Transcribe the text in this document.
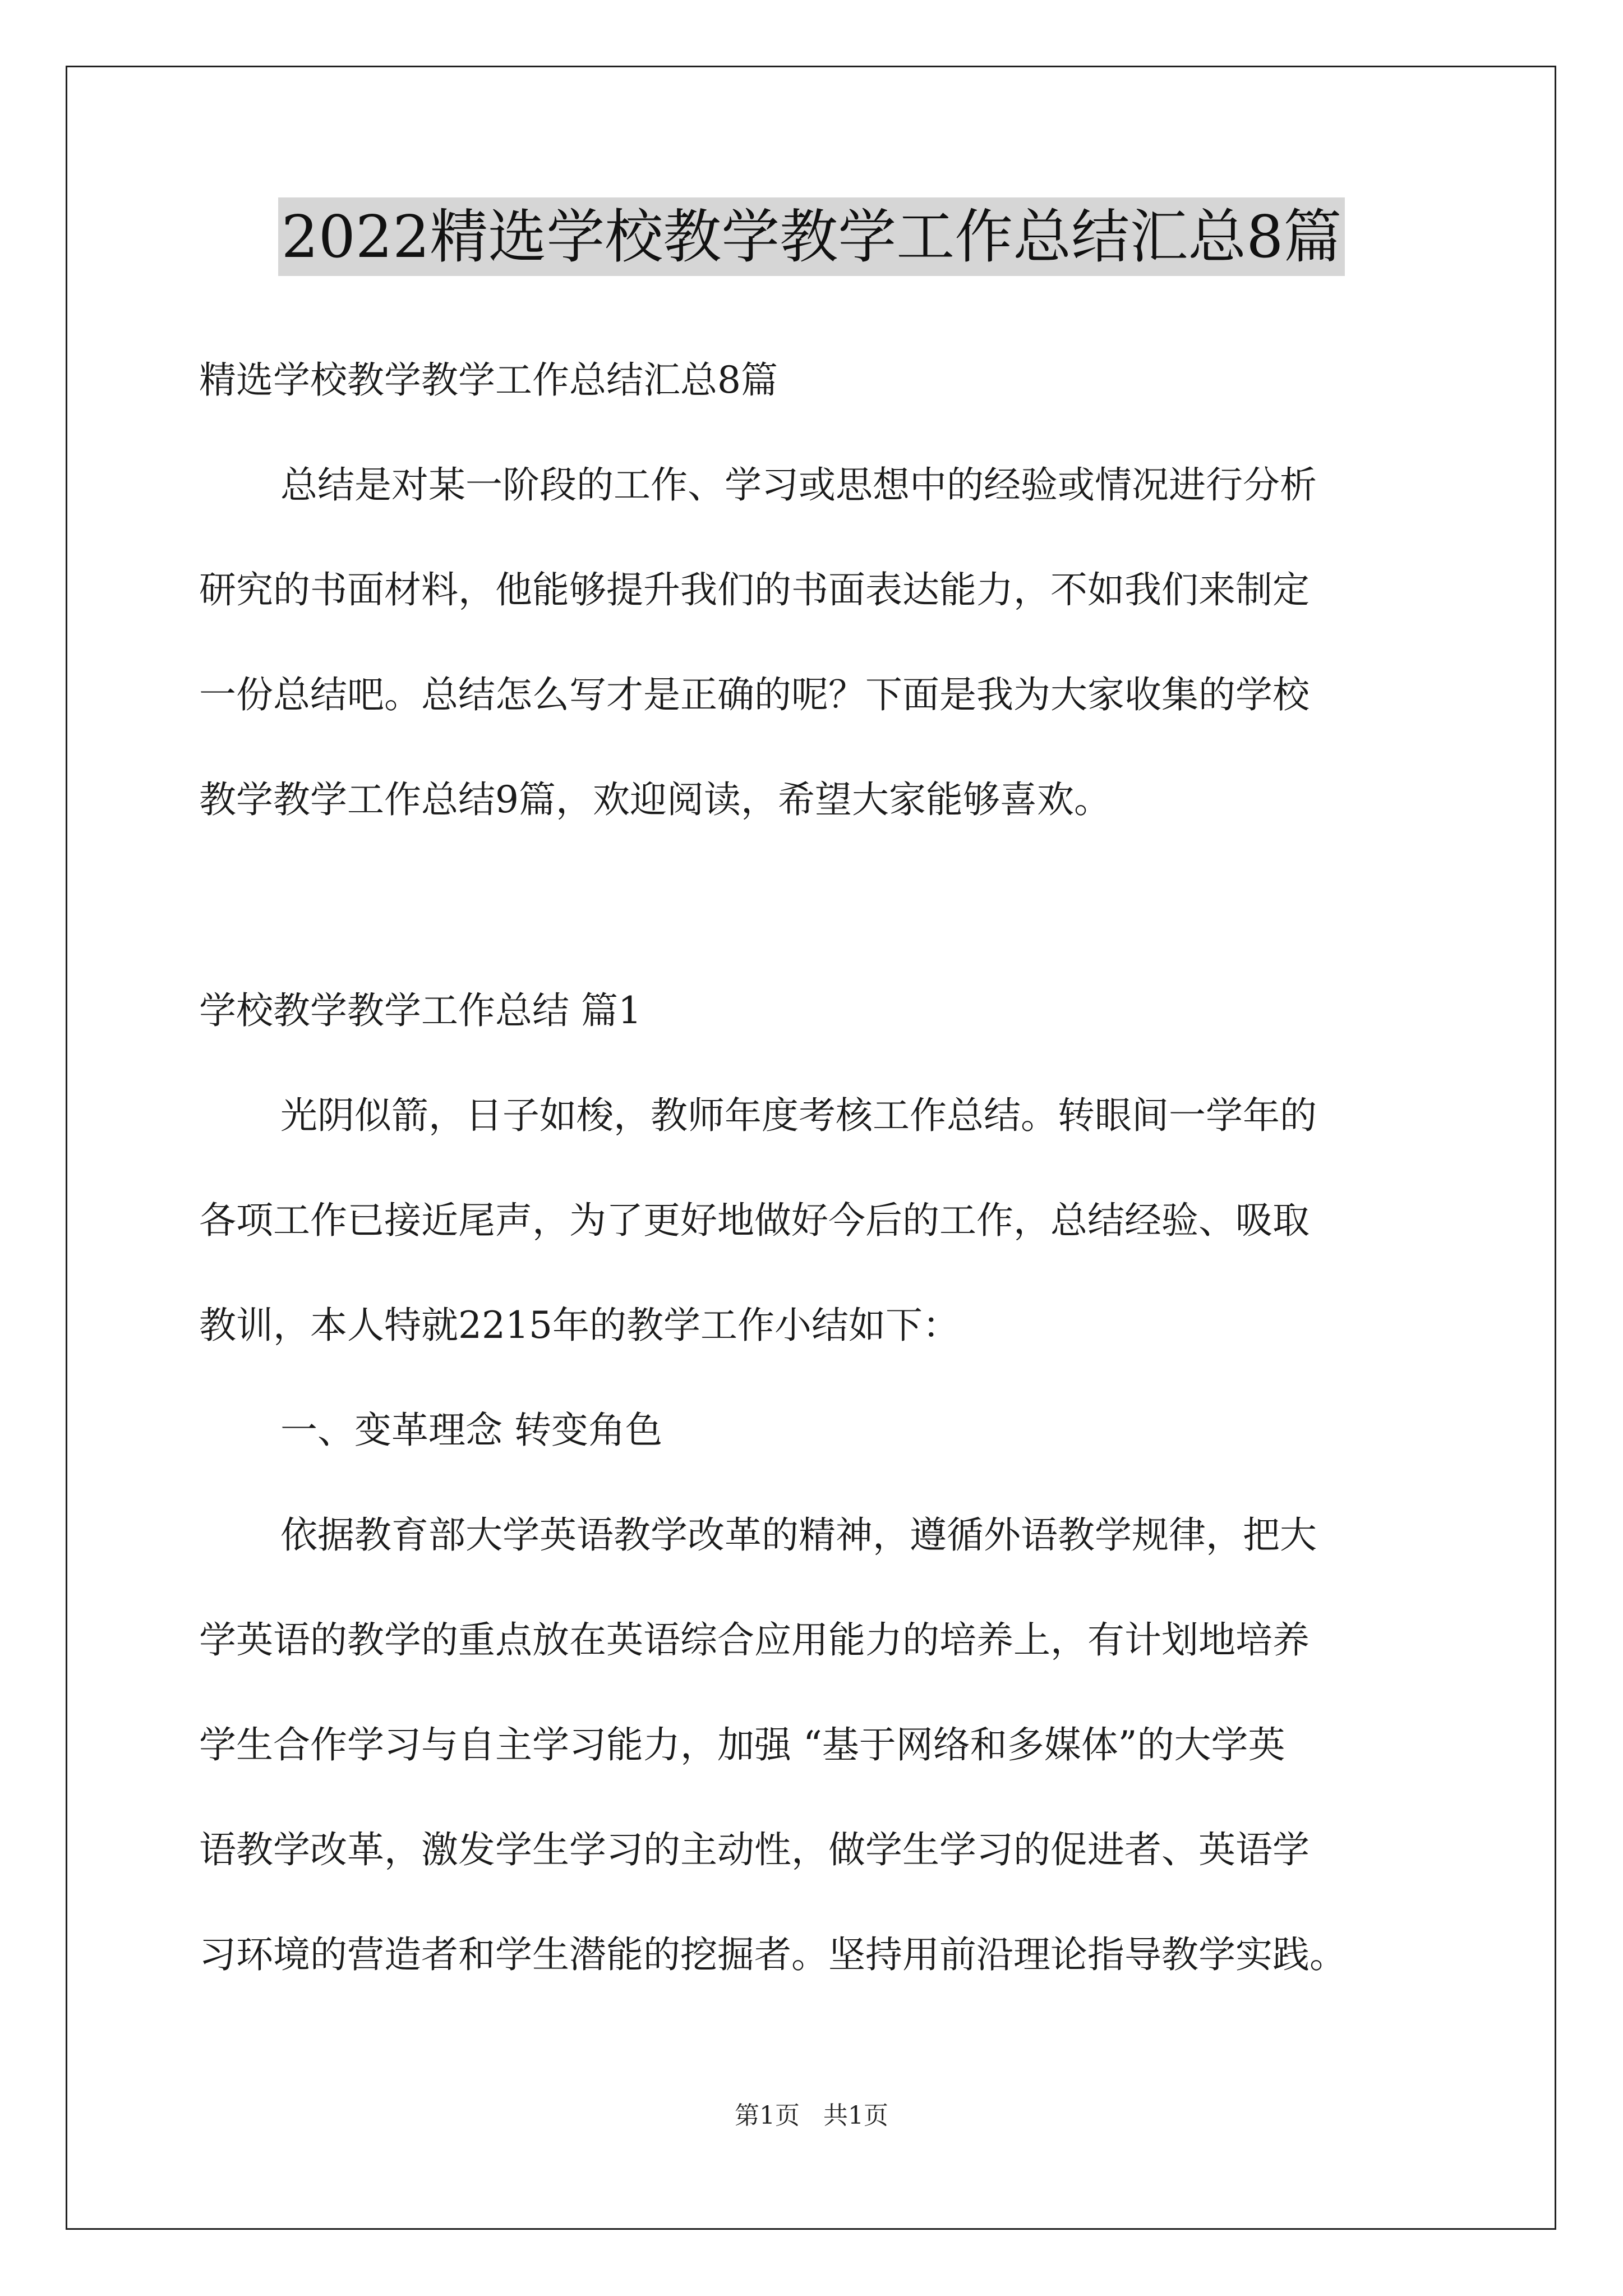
2022精选学校教学教学工作总结汇总8篇
精选学校教学教学工作总结汇总8篇
总结是对某一阶段的工作、学习或思想中的经验或情况进行分析
研究的书面材料，他能够提升我们的书面表达能力，不如我们来制定
一份总结吧。总结怎么写才是正确的呢？下面是我为大家收集的学校
教学教学工作总结9篇，欢迎阅读，希望大家能够喜欢。
学校教学教学工作总结 篇1
光阴似箭，日子如梭，教师年度考核工作总结。转眼间一学年的
各项工作已接近尾声，为了更好地做好今后的工作，总结经验、吸取
教训，本人特就2215年的教学工作小结如下：
一、变革理念 转变角色
依据教育部大学英语教学改革的精神，遵循外语教学规律，把大
学英语的教学的重点放在英语综合应用能力的培养上，有计划地培养
学生合作学习与自主学习能力，加强 “基于网络和多媒体”的大学英
语教学改革，激发学生学习的主动性，做学生学习的促进者、英语学
习环境的营造者和学生潜能的挖掘者。坚持用前沿理论指导教学实践。
第1页   共1页
